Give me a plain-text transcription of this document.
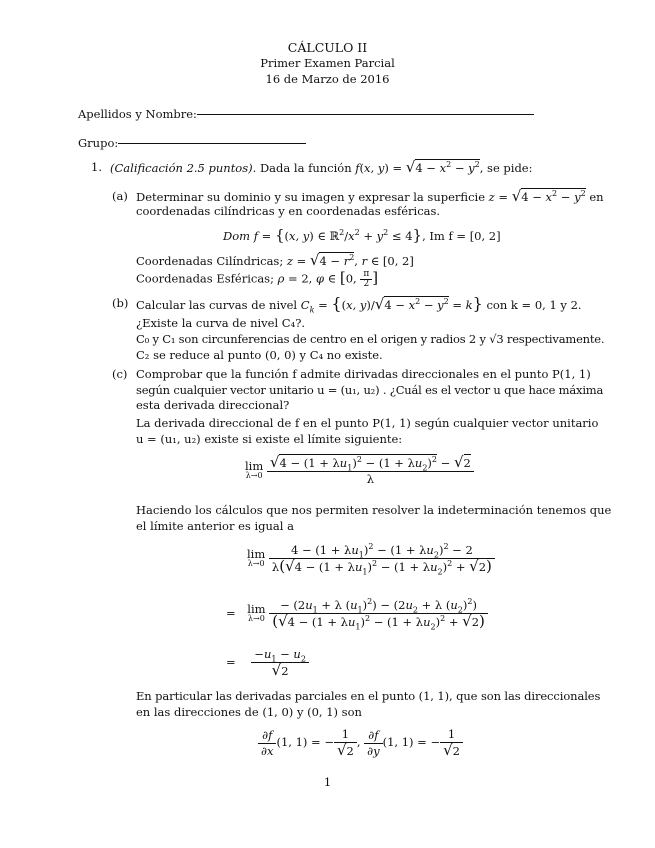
CÁLCULO II
Primer Examen Parcial
16 de Marzo de 2016
Apellidos y Nombre:
Grupo:
1. (Calificación 2.5 puntos). Dada la función f(x, $y) = √4 - x^2 - y^2$, se pide:
(a) Determinar su dominio y su imagen y expresar la superficie $z = √4 - x^2 - y^2$ en
coordenadas cilíndricas y en coordenadas esféricas.
Dom f = {(x, y) ∈ $ℝ^2/x^2 + y^2 \le 4$}, Im f = [0, 2]
Coordenadas Cilíndricas; $z = √4 - r^2$, r ∈ [0, 2]
Coordenadas Esféricas; ρ = 2, φ ∈ [0, $\frac{\pi}{2}$ ]
(b) Calcular las curvas de nivel $C_k = \{(x$, $y)/√4 - x^2 - y^2 = k$} con k = 0, 1 y 2.
¿Existe la curva de nivel C₄?.
C₀ y C₁ son circunferencias de centro en el origen y radios 2 y √3 respectivamente.
C₂ se reduce al punto (0, 0) y C₄ no existe.
(c) Comprobar que la función f admite dirivadas direccionales en el punto P(1, 1)
según cualquier vector unitario u = (u₁, u₂) . ¿Cuál es el vector u que hace máxima
esta derivada direccional?
La derivada direccional de f en el punto P(1, 1) según cualquier vector unitario
u = (u₁, u₂) existe si existe el límite siguiente:
lim
λ→0
$\frac{√4 - (1 + \lambda u_1)^2 - (1 + \lambda u_2)^2 - √2}{\lambda}$
Haciendo los cálculos que nos permiten resolver la indeterminación tenemos que
el límite anterior es igual a
lim
λ→0
$\frac{4 - (1 + \lambda u_1)^2 - (1 + \lambda u_2)^2 - 2}{\lambda(√4 - (1 + \lambda u_1)^2 - (1 + \lambda u_2)^2 + √2)}$
= lim
λ→0
$\frac{- (2u_1 + \lambda (u_1)^2) - (2u_2 + \lambda (u_2)^2)}{(√4 - (1 + \lambda u_1)^2 - (1 + \lambda u_2)^2 + √2)}$
= $\frac{-u_1 - u_2}{√2}$
En particular las derivadas parciales en el punto (1, 1), que son las direccionales
en las direcciones de (1, 0) y (0, 1) son
$\frac{\partial f}{\partial x} (1$, 1) = − $\frac{1}{√2}$ , $\frac{\partial f}{\partial y} (1$, 1) = − $\frac{1}{√2}$
1
